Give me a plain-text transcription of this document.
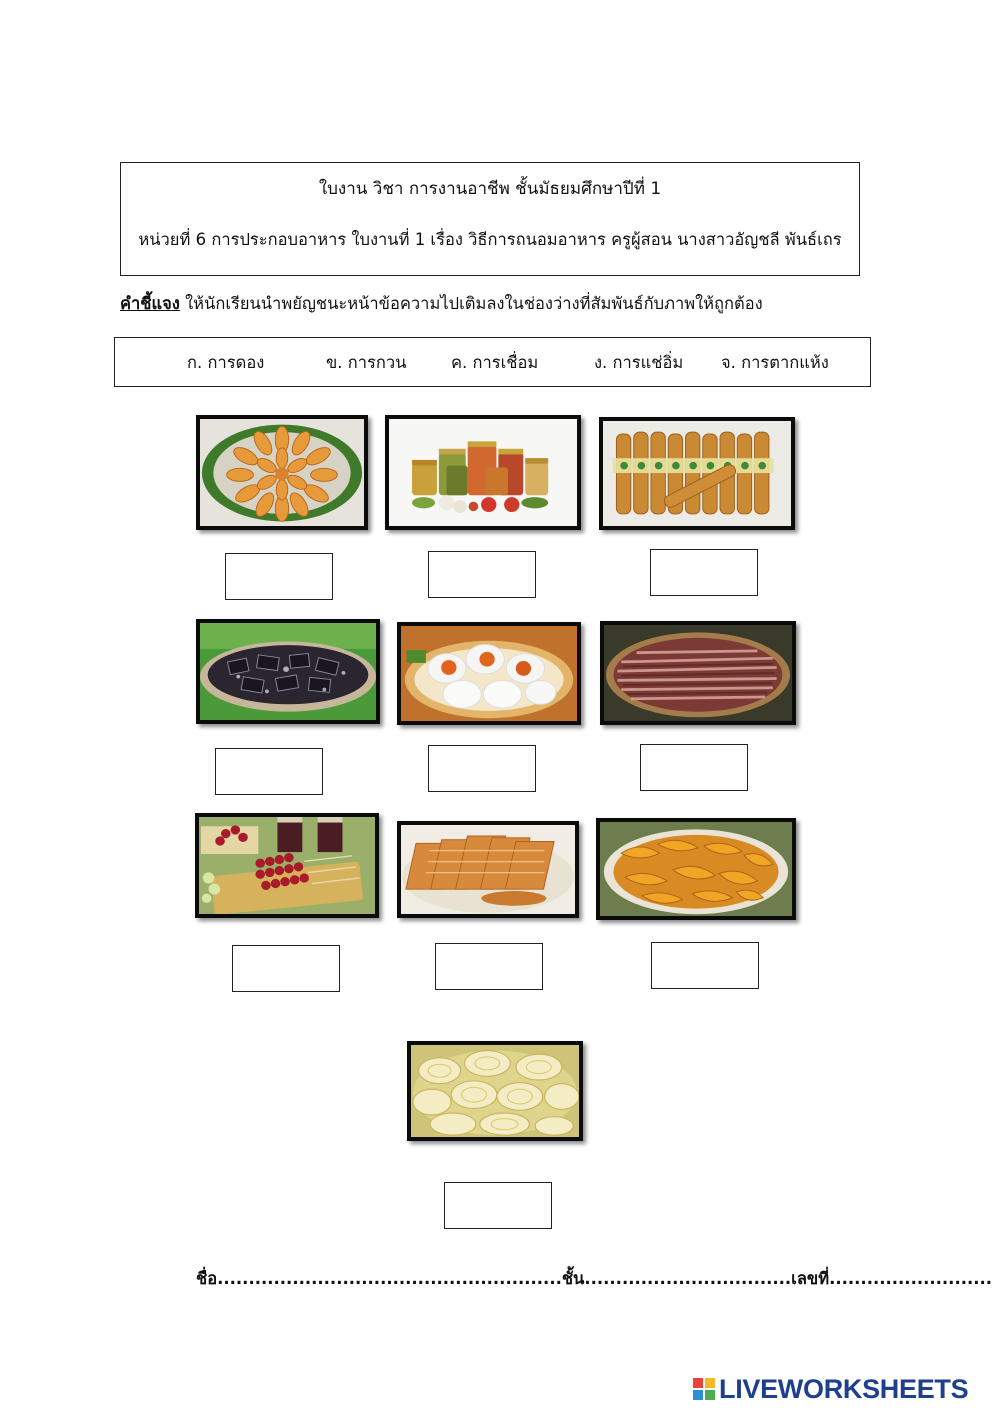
ใบงาน วิชา การงานอาชีพ ชั้นมัธยมศึกษาปีที่ 1
หน่วยที่ 6 การประกอบอาหาร ใบงานที่ 1 เรื่อง วิธีการถนอมอาหาร ครูผู้สอน นางสาวอัญชลี พันธ์เถร
คำชี้แจง ให้นักเรียนนำพยัญชนะหน้าข้อความไปเติมลงในช่องว่างที่สัมพันธ์กับภาพให้ถูกต้อง
ก. การดอง	ข. การกวน	ค. การเชื่อม	ง. การแช่อิ่ม จ. การตากแห้ง
ชื่อ.......................................................ชั้น.................................เลขที่..........................
LIVEWORKSHEETS
